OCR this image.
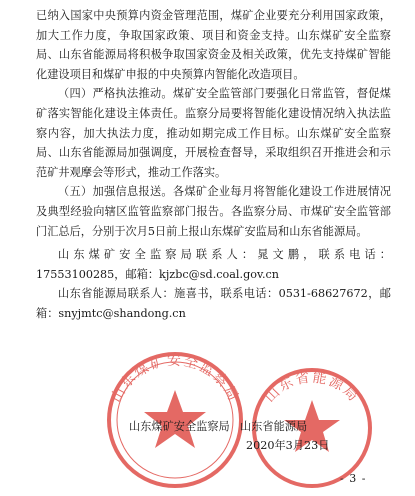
已纳入国家中央预算内资金管理范围，煤矿企业要充分利用国家政策，加大工作力度，争取国家政策、项目和资金支持。山东煤矿安全监察局、山东省能源局将积极争取国家资金及相关政策，优先支持煤矿智能化建设项目和煤矿申报的中央预算内智能化改造项目。

（四）严格执法推动。煤矿安全监管部门要强化日常监管，督促煤矿落实智能化建设主体责任。监察分局要将智能化建设情况纳入执法监察内容，加大执法力度，推动如期完成工作目标。山东煤矿安全监察局、山东省能源局加强调度，开展检查督导，采取组织召开推进会和示范矿井观摩会等形式，推动工作落实。

（五）加强信息报送。各煤矿企业每月将智能化建设工作进展情况及典型经验向辖区监管监察部门报告。各监察分局、市煤矿安全监管部门汇总后，分别于次月5日前上报山东煤矿安监局和山东省能源局。

山东煤矿安全监察局联系人：晁文鹏，联系电话：17553100285，邮箱：kjzbc@sd.coal.gov.cn

山东省能源局联系人：施喜书，联系电话：0531-68627672，邮箱：snyjmtc@shandong.cn

山东煤矿安全监察局 山东省能源局
山东煤矿安全监察局 山东省能源局
2020年3月23日
- 3 -
